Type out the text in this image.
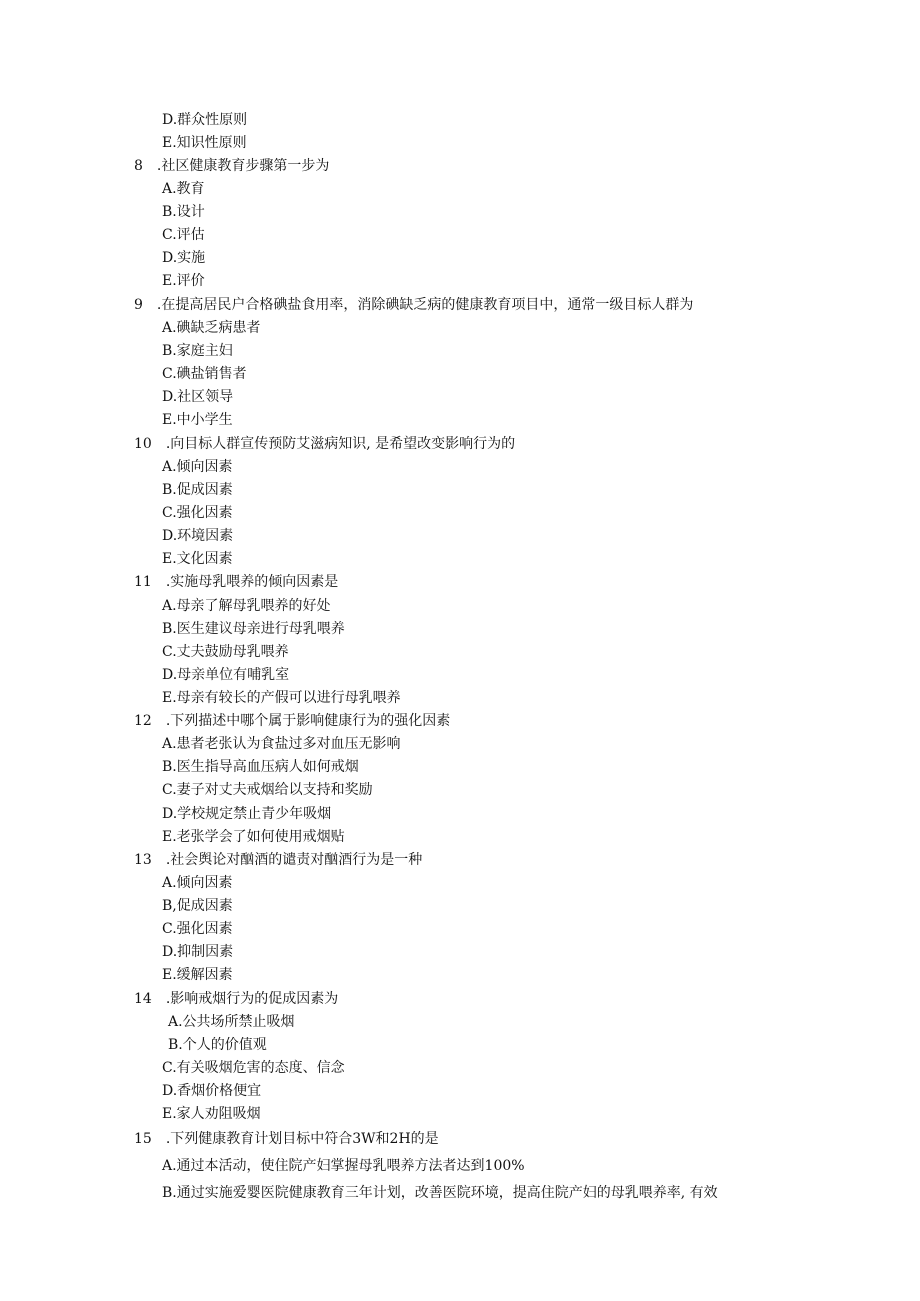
D.群众性原则
E.知识性原则
8　.社区健康教育步骤第一步为
A.教育
B.设计
C.评估
D.实施
E.评价
9　.在提高居民户合格碘盐食用率，消除碘缺乏病的健康教育项目中，通常一级目标人群为
A.碘缺乏病患者
B.家庭主妇
C.碘盐销售者
D.社区领导
E.中小学生
10　.向目标人群宣传预防艾滋病知识, 是希望改变影响行为的
A.倾向因素
B.促成因素
C.强化因素
D.环境因素
E.文化因素
11　.实施母乳喂养的倾向因素是
A.母亲了解母乳喂养的好处
B.医生建议母亲进行母乳喂养
C.丈夫鼓励母乳喂养
D.母亲单位有哺乳室
E.母亲有较长的产假可以进行母乳喂养
12　.下列描述中哪个属于影响健康行为的强化因素
A.患者老张认为食盐过多对血压无影响
B.医生指导高血压病人如何戒烟
C.妻子对丈夫戒烟给以支持和奖励
D.学校规定禁止青少年吸烟
E.老张学会了如何使用戒烟贴
13　.社会舆论对酗酒的谴责对酗酒行为是一种
A.倾向因素
B,促成因素
C.强化因素
D.抑制因素
E.缓解因素
14　.影响戒烟行为的促成因素为
A.公共场所禁止吸烟
B.个人的价值观
C.有关吸烟危害的态度、信念
D.香烟价格便宜
E.家人劝阻吸烟
15　.下列健康教育计划目标中符合3W和2H的是
A.通过本活动，使住院产妇掌握母乳喂养方法者达到100%
B.通过实施爱婴医院健康教育三年计划，改善医院环境，提高住院产妇的母乳喂养率, 有效
